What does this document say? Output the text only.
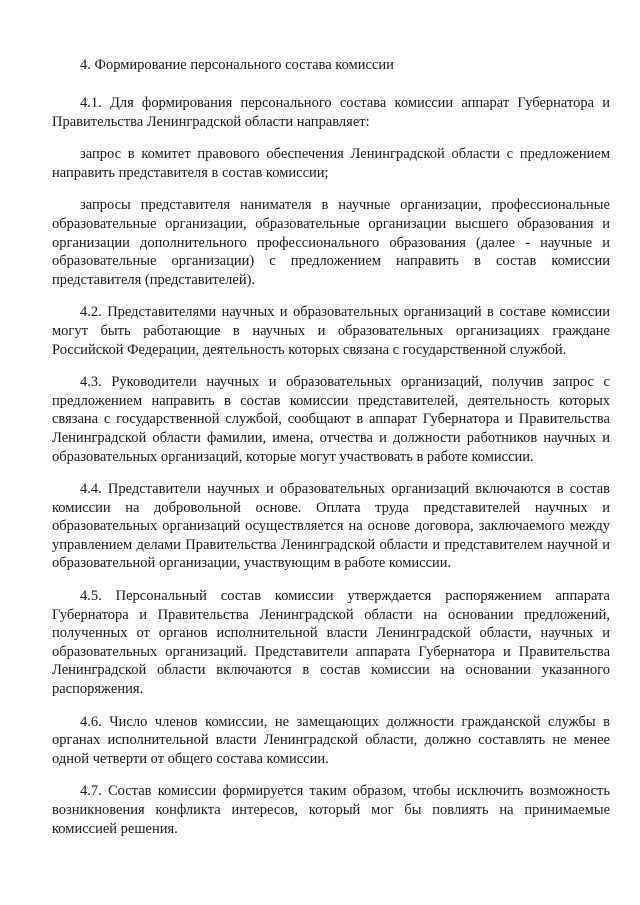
4. Формирование персонального состава комиссии

4.1. Для формирования персонального состава комиссии аппарат Губернатора и Правительства Ленинградской области направляет:

запрос в комитет правового обеспечения Ленинградской области с предложением направить представителя в состав комиссии;

запросы представителя нанимателя в научные организации, профессиональные образовательные организации, образовательные организации высшего образования и организации дополнительного профессионального образования (далее - научные и образовательные организации) с предложением направить в состав комиссии представителя (представителей).

4.2. Представителями научных и образовательных организаций в составе комиссии могут быть работающие в научных и образовательных организациях граждане Российской Федерации, деятельность которых связана с государственной службой.

4.3. Руководители научных и образовательных организаций, получив запрос с предложением направить в состав комиссии представителей, деятельность которых связана с государственной службой, сообщают в аппарат Губернатора и Правительства Ленинградской области фамилии, имена, отчества и должности работников научных и образовательных организаций, которые могут участвовать в работе комиссии.

4.4. Представители научных и образовательных организаций включаются в состав комиссии на добровольной основе. Оплата труда представителей научных и образовательных организаций осуществляется на основе договора, заключаемого между управлением делами Правительства Ленинградской области и представителем научной и образовательной организации, участвующим в работе комиссии.

4.5. Персональный состав комиссии утверждается распоряжением аппарата Губернатора и Правительства Ленинградской области на основании предложений, полученных от органов исполнительной власти Ленинградской области, научных и образовательных организаций. Представители аппарата Губернатора и Правительства Ленинградской области включаются в состав комиссии на основании указанного распоряжения.

4.6. Число членов комиссии, не замещающих должности гражданской службы в органах исполнительной власти Ленинградской области, должно составлять не менее одной четверти от общего состава комиссии.

4.7. Состав комиссии формируется таким образом, чтобы исключить возможность возникновения конфликта интересов, который мог бы повлиять на принимаемые комиссией решения.
